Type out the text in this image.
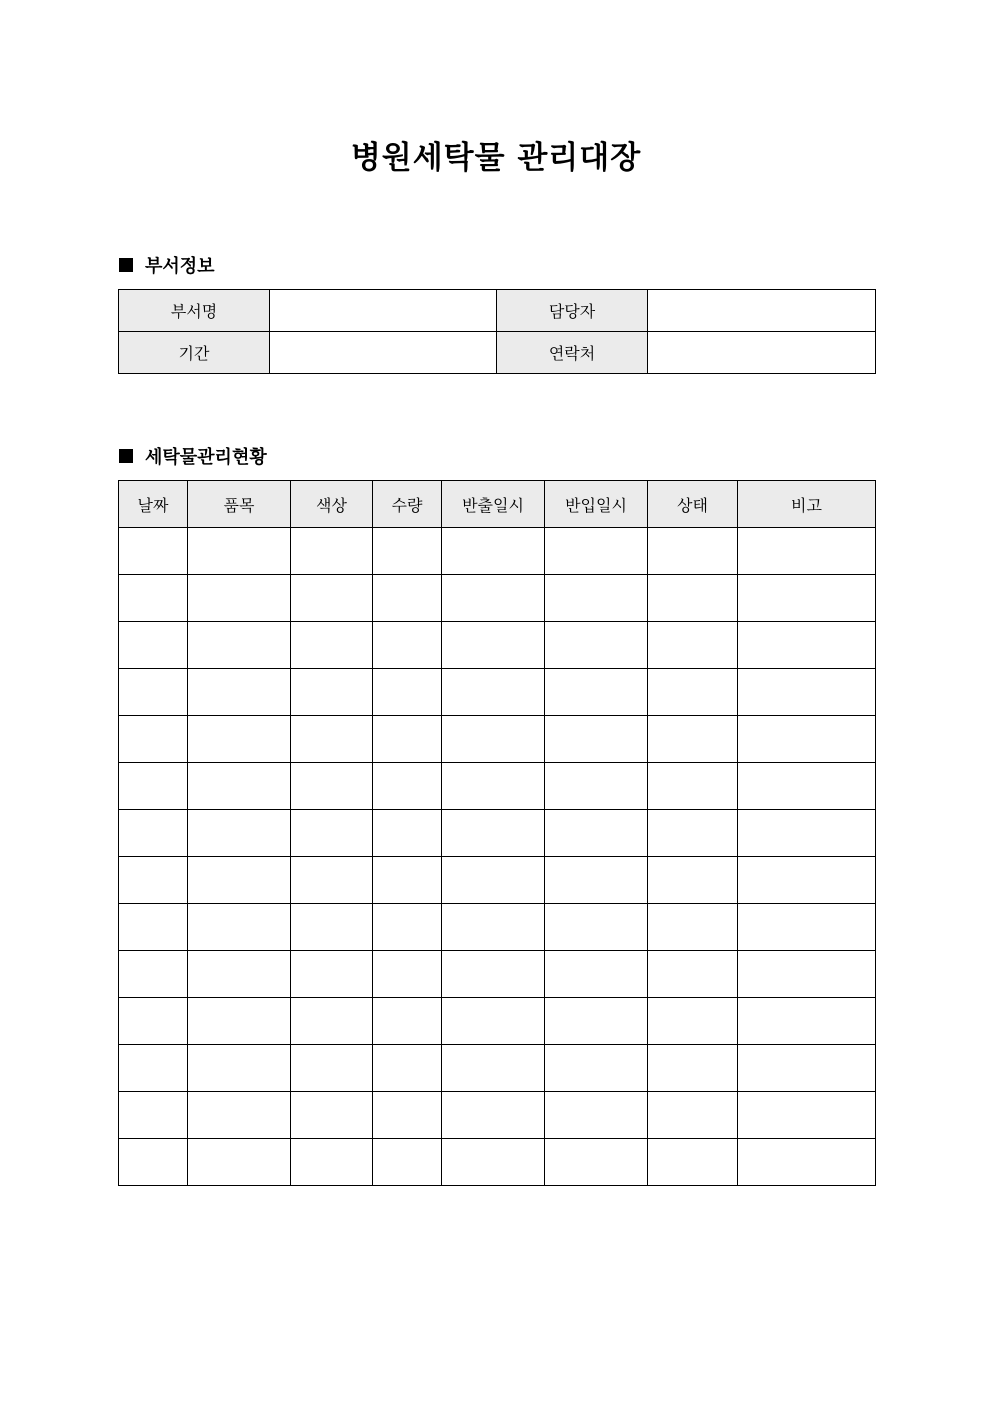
병원세탁물 관리대장
부서정보
부서명		담당자	
기간		연락처	
세탁물관리현황
날짜	품목	색상	수량	반출일시	반입일시	상태	비고
